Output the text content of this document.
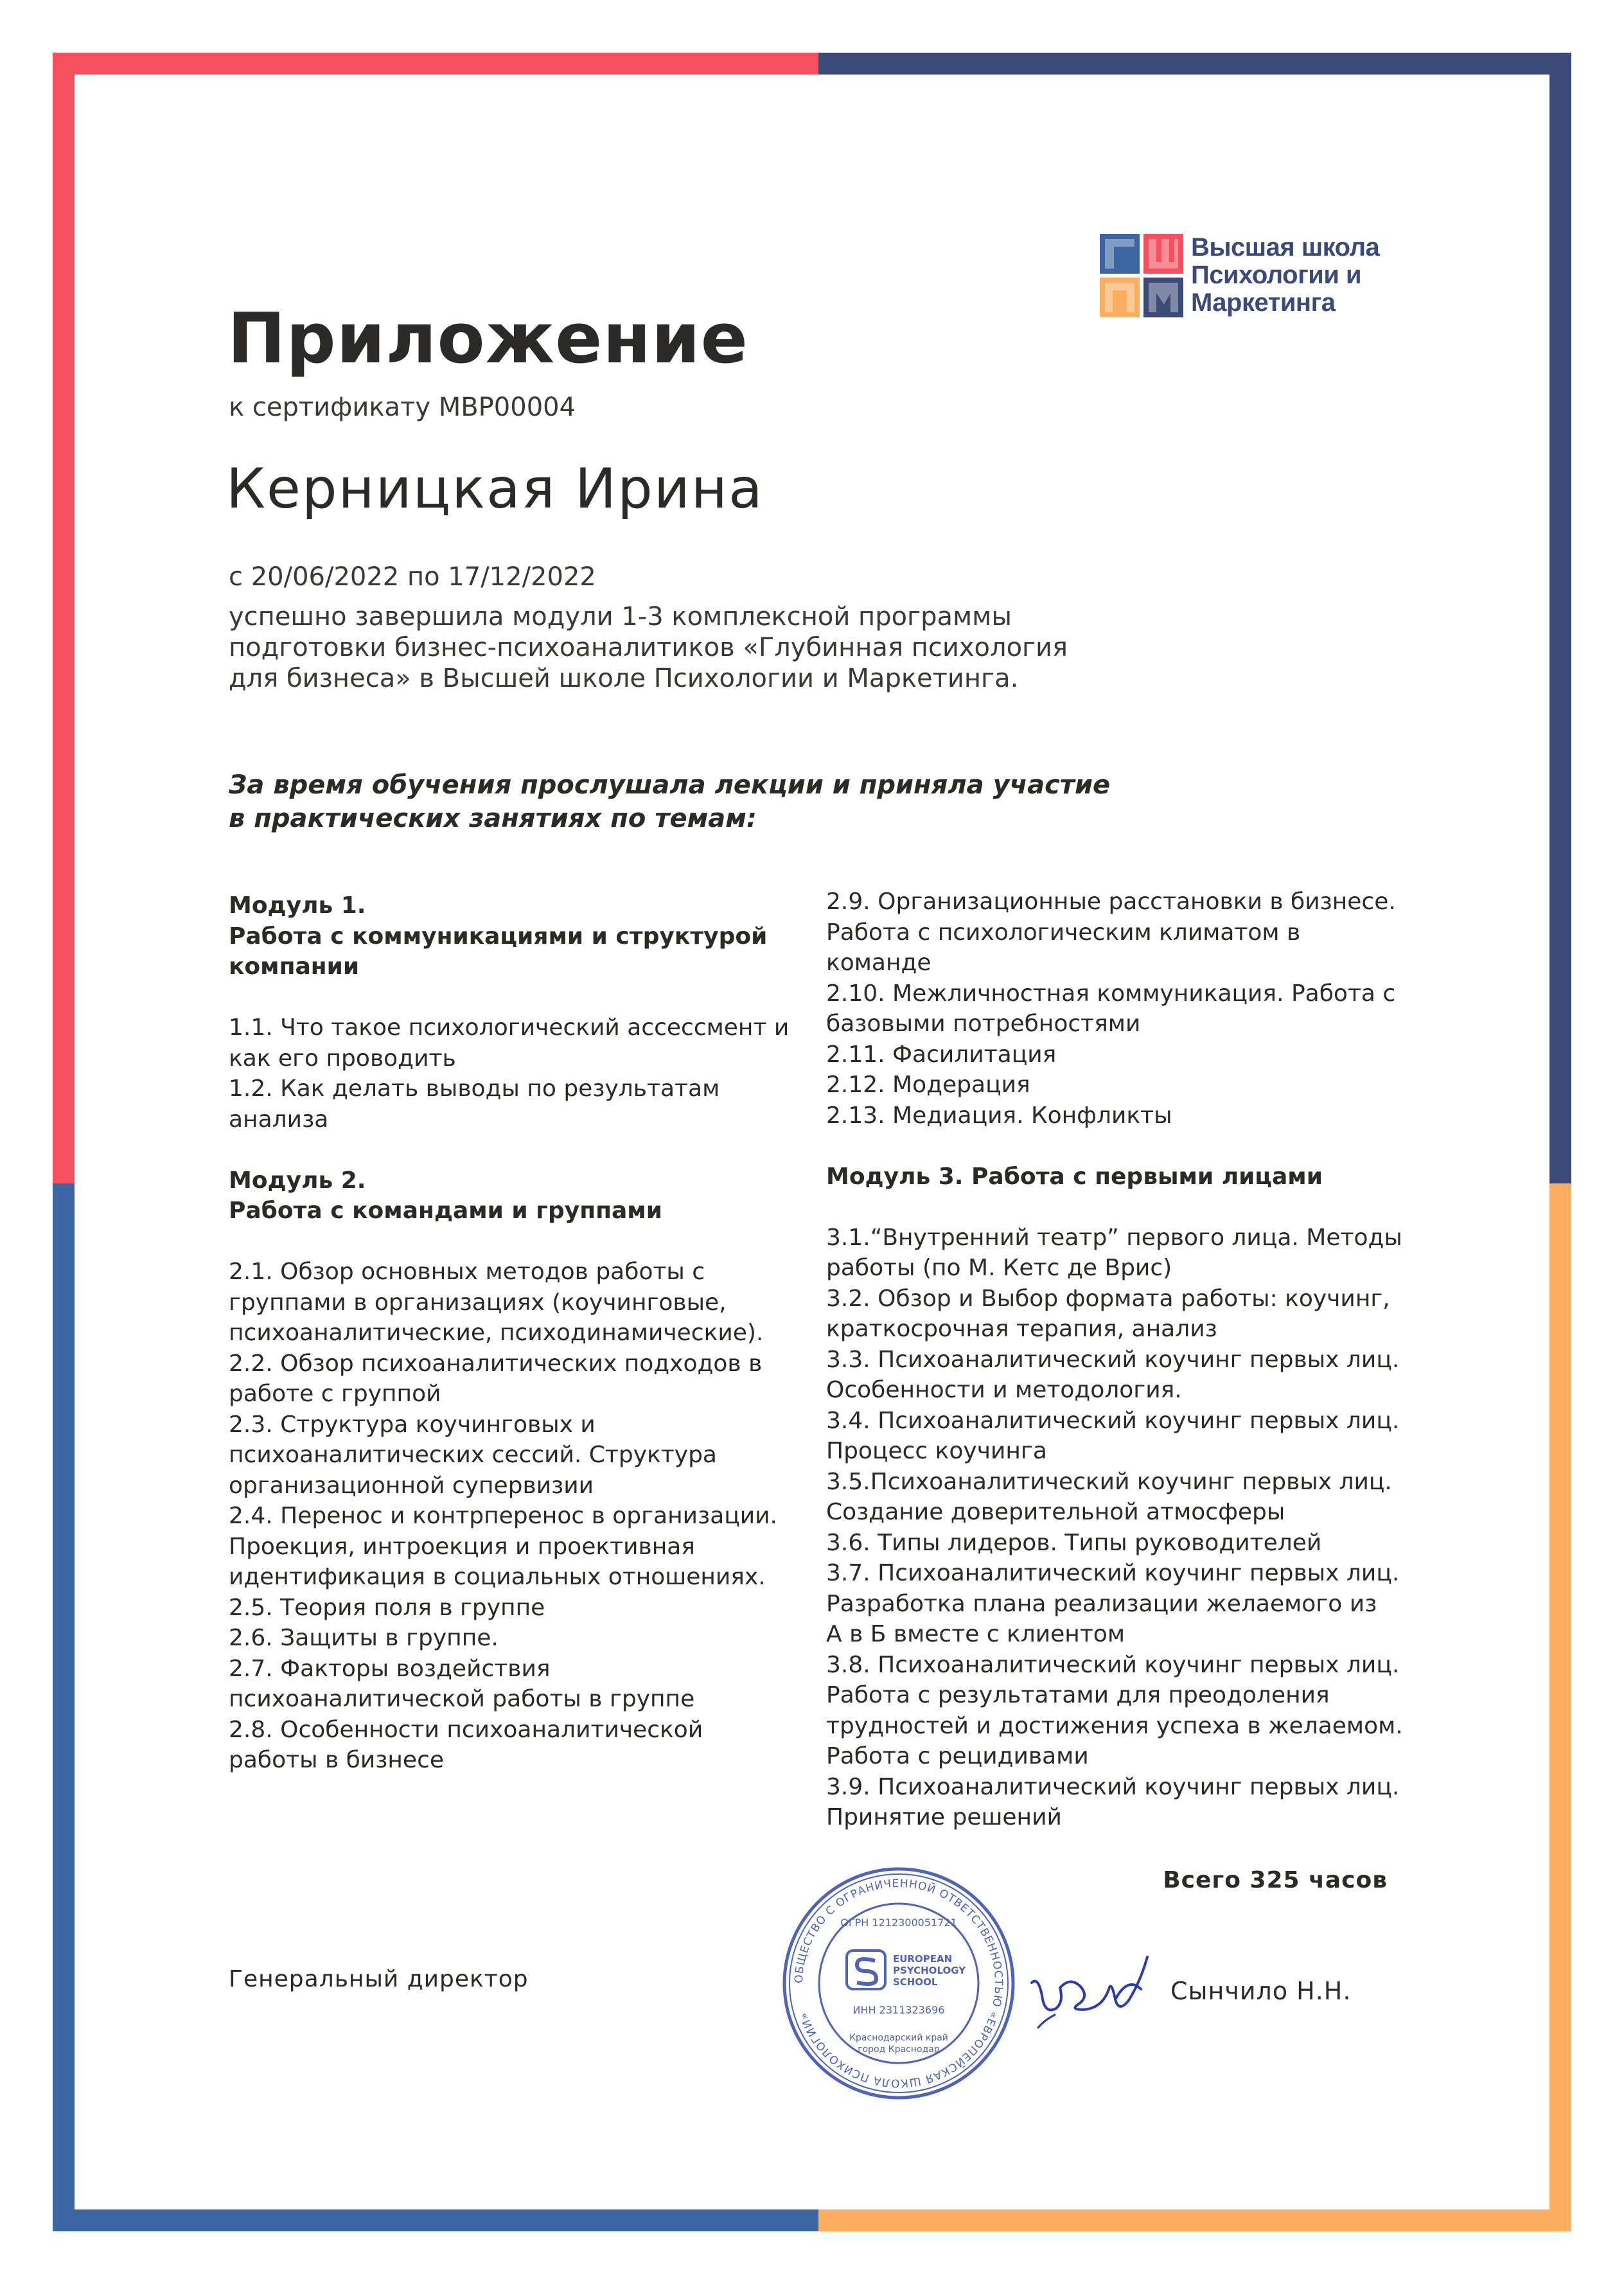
Высшая школа
Психологии и
Маркетинга
Приложение
к сертификату МВР00004
Керницкая Ирина
с 20/06/2022 по 17/12/2022
успешно завершила модули 1-3 комплексной программы
подготовки бизнес-психоаналитиков «Глубинная психология
для бизнеса» в Высшей школе Психологии и Маркетинга.
За время обучения прослушала лекции и приняла участие
в практических занятиях по темам:
Модуль 1.
Работа с коммуникациями и структурой
компании
1.1. Что такое психологический ассессмент и
как его проводить
1.2. Как делать выводы по результатам
анализа
Модуль 2.
Работа с командами и группами
2.1. Обзор основных методов работы с
группами в организациях (коучинговые,
психоаналитические, психодинамические).
2.2. Обзор психоаналитических подходов в
работе с группой
2.3. Структура коучинговых и
психоаналитических сессий. Структура
организационной супервизии
2.4. Перенос и контрперенос в организации.
Проекция, интроекция и проективная
идентификация в социальных отношениях.
2.5. Теория поля в группе
2.6. Защиты в группе.
2.7. Факторы воздействия
психоаналитической работы в группе
2.8. Особенности психоаналитической
работы в бизнесе
2.9. Организационные расстановки в бизнесе.
Работа с психологическим климатом в
команде
2.10. Межличностная коммуникация. Работа с
базовыми потребностями
2.11. Фасилитация
2.12. Модерация
2.13. Медиация. Конфликты
Модуль 3. Работа с первыми лицами
3.1.“Внутренний театр” первого лица. Методы
работы (по М. Кетс де Врис)
3.2. Обзор и Выбор формата работы: коучинг,
краткосрочная терапия, анализ
3.3. Психоаналитический коучинг первых лиц.
Особенности и методология.
3.4. Психоаналитический коучинг первых лиц.
Процесс коучинга
3.5.Психоаналитический коучинг первых лиц.
Создание доверительной атмосферы
3.6. Типы лидеров. Типы руководителей
3.7. Психоаналитический коучинг первых лиц.
Разработка плана реализации желаемого из
А в Б вместе с клиентом
3.8. Психоаналитический коучинг первых лиц.
Работа с результатами для преодоления
трудностей и достижения успеха в желаемом.
Работа с рецидивами
3.9. Психоаналитический коучинг первых лиц.
Принятие решений
Всего 325 часов
Генеральный директор	ОБЩЕСТВО С ОГРАНИЧЕННОЙ ОТВЕТСТВЕННОСТЬЮ «ЕВРОПЕЙСКАЯ ШКОЛА ПСИХОЛОГИИ»
ОГРН 1212300051721
EUROPEAN
PSYCHOLOGY
SCHOOL
ИНН 2311323696
Краснодарский край
город Краснодар
Сынчило Н.Н.
